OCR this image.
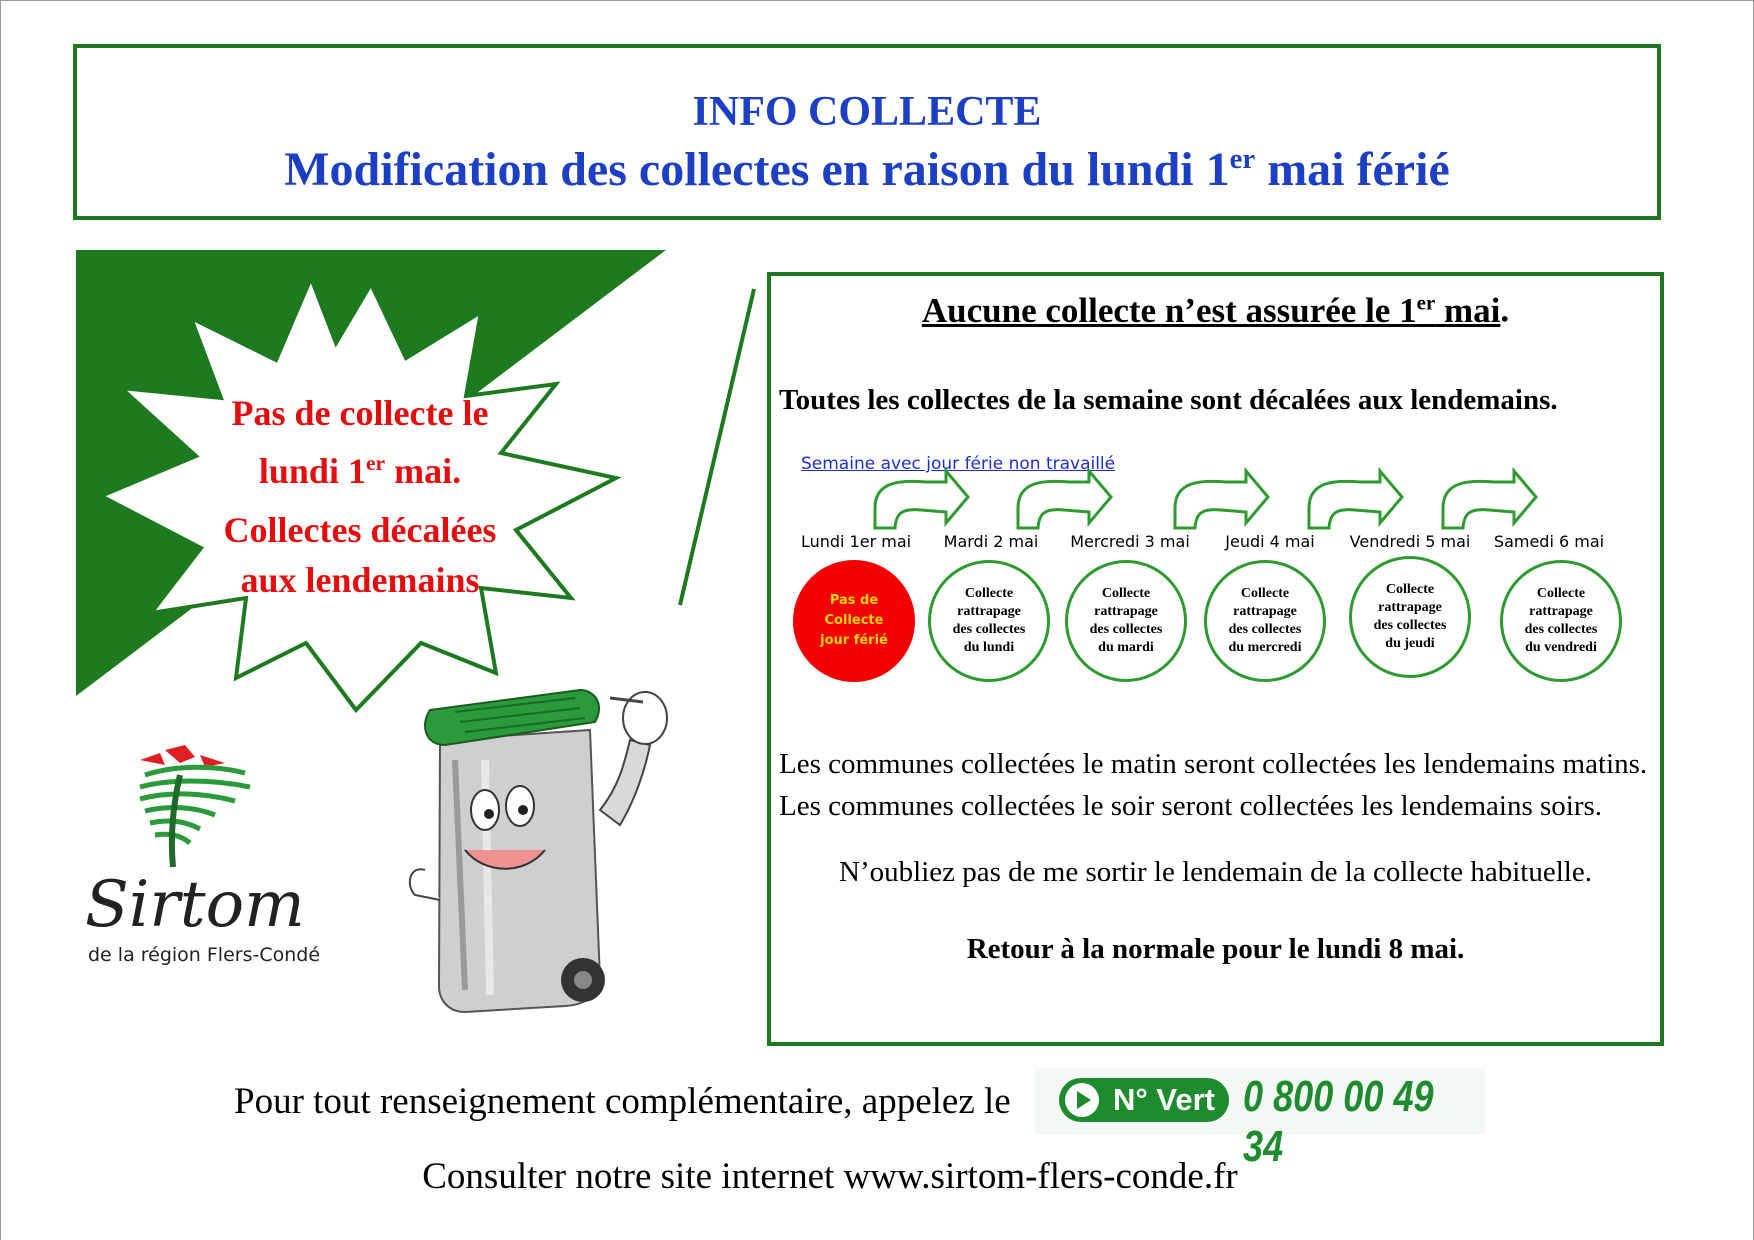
INFO COLLECTE
Modification des collectes en raison du lundi 1er mai férié
Pas de collecte le
lundi 1er mai.
Collectes décalées
aux lendemains
Aucune collecte n’est assurée le 1er mai.
Toutes les collectes de la semaine sont décalées aux lendemains.
Semaine avec jour férie non travaillé
Lundi 1er mai	Mardi 2 mai	Mercredi 3 mai	Jeudi 4 mai	Vendredi 5 mai	Samedi 6 mai
Pas de
Collecte
jour férié
Collecte
rattrapage
des collectes
du lundi
Collecte
rattrapage
des collectes
du mardi
Collecte
rattrapage
des collectes
du mercredi
Collecte
rattrapage
des collectes
du jeudi
Collecte
rattrapage
des collectes
du vendredi
Les communes collectées le matin seront collectées les lendemains matins.
Les communes collectées le soir seront collectées les lendemains soirs.
N’oubliez pas de me sortir le lendemain de la collecte habituelle.
Retour à la normale pour le lundi 8 mai.
Sirtom
de la région Flers-Condé
Pour tout renseignement complémentaire, appelez le	N° Vert 0 800 00 49 34
Consulter notre site internet www.sirtom-flers-conde.fr
